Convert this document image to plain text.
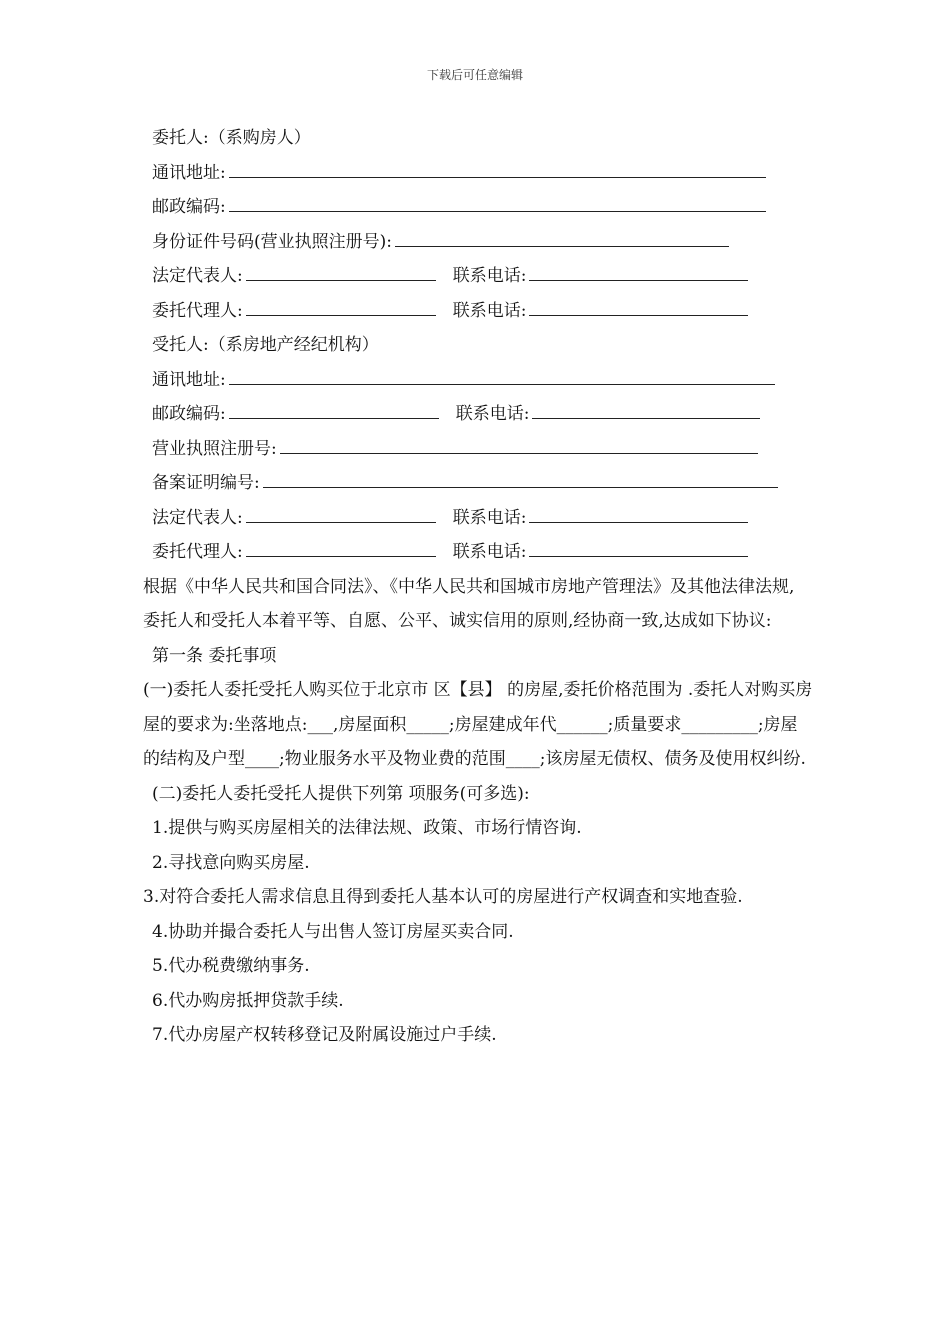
下载后可任意编辑
委托人:（系购房人）
通讯地址:
邮政编码:
身份证件号码(营业执照注册号):
法定代表人:	联系电话:
委托代理人:	联系电话:
受托人:（系房地产经纪机构）
通讯地址:
邮政编码:	联系电话:
营业执照注册号:
备案证明编号:
法定代表人:	联系电话:
委托代理人:	联系电话:
根据《中华人民共和国合同法》、《中华人民共和国城市房地产管理法》及其他法律法规,
委托人和受托人本着平等、自愿、公平、诚实信用的原则,经协商一致,达成如下协议:
第一条 委托事项
(一)委托人委托受托人购买位于北京市 区【县】 的房屋,委托价格范围为 .委托人对购买房屋的要求为:坐落地点:___,房屋面积_____;房屋建成年代______;质量要求_________;房屋的结构及户型____;物业服务水平及物业费的范围____;该房屋无债权、债务及使用权纠纷.
(二)委托人委托受托人提供下列第 项服务(可多选):
1.提供与购买房屋相关的法律法规、政策、市场行情咨询.
2.寻找意向购买房屋.
3.对符合委托人需求信息且得到委托人基本认可的房屋进行产权调查和实地查验.
4.协助并撮合委托人与出售人签订房屋买卖合同.
5.代办税费缴纳事务.
6.代办购房抵押贷款手续.
7.代办房屋产权转移登记及附属设施过户手续.
